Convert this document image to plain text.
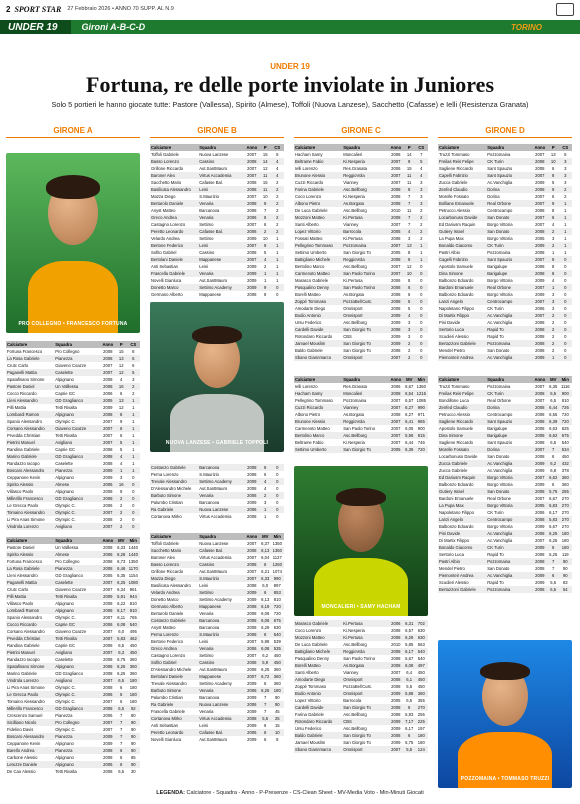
2 SPORT STAR 27 Febbraio 2026 • ANNO 70 SUPP. AL N.9
UNDER 19	Gironi A-B-C-D	TORINO
UNDER 19
Fortuna, re delle porte inviolate in Juniores
Solo 5 portieri le hanno giocate tutte: Pastore (Vallessa), Spirito (Almese), Toffoli (Nuova Lanzese), Sacchetto (Cafasse) e Ielli (Resistenza Granata)
GIRONE A	GIRONE B	GIRONE C	GIRONE D
PRO COLLEGNO • FRANCESCO FORTUNA
NUOVA LANZESE • GABRIELE TOPPOLI
MONCALIERI • SAMY HACHAM
POZZOMAINA • TOMMASO TRUZZI
Calciatore	Squadra	Anno	P	CS
Fortuna Francesco	Pro Collegno	2008	15	8
La Rosa Gabriele	Pianezza	2008	13	6
Crutc Carlo	Giaveno Coazze	2007	12	6
Paganelli Mattia	Caselette	2007	12	5
Spatafisano Simone	Alpignano	2008	4	3
Pastore Daniel	Un Valllessa	2008	16	2
Cocco Riccardo	Caprie GC	2006	6	2
Lleni Alessandro	GD Graglianco	2005	13	1
Pilli Mattia	Tetti Rivalta	2009	12	1
Lombardi Ramon	Alpignano	2008	8	1
Spanio Alessandro	Olympic C.	2007	9	1
Corsano Alessandro	Giaveno Coazze	2007	6	1
Prvedda Christian	Tetti Rivalta	2007	6	1
Pietrini Manuel	Avigliano	2007	5	1
Randina Gabriele	Caprie GC	2008	5	1
Marino Gabriele	GD Graglianco	2008	4	1
Randazzo Iacopo	Caselette	2008	4	1
Boscaro Alessandro	Pianezza	2009	1	1
Ceppanone Kevin	Alpignano	2009	3	0
Spirito Alessio	Almese	2006	16	0
Villasco Paolo	Alpignano	2008	9	0
Millerillo Francesco	GD Graglianco	2008	2	0
Le Grecca Paolo	Olympic C.	2006	2	0
Tomaino Alessandro	Olympic C.	2007	2	0
Li Pira Anas Simone	Olympic C.	2008	2	0
Vindrola Lorenzo	Avigliano	2007	2	0
Calciatore	Squadra	Anno	MV	Min
Pastore Daniel	Un Valllessa	2008	6,33	1440
Spirito Alessio	Almese	2006	6,28	1440
Fortuna Francesco	Pro Collegno	2008	6,73	1350
La Rosa Gabriele	Pianezza	2008	6,46	1170
Lleni Alessandro	GD Graglianco	2005	6,35	1154
Paganelli Mattia	Caselette	2007	6,25	1080
Crutc Carlo	Giaveno Coazze	2007	6,34	961
Pilli Mattia	Tetti Rivalta	2009	5,91	944
Villasco Paolo	Alpignano	2008	6,22	810
Lombardi Ramon	Alpignano	2008	6,17	810
Spanio Alessandro	Olympic C.	2007	6,11	765
Cocco Riccardo	Caprie GC	2006	6,08	540
Corsano Alessandro	Giaveno Coazze	2007	6,0	495
Prvedda Christian	Tetti Rivalta	2007	5,83	462
Randina Gabriele	Caprie GC	2008	6,5	450
Pietrini Manuel	Avigliano	2007	6,3	450
Randazzo Iacopo	Caselette	2008	6,75	360
Spatafisano Simone	Alpignano	2008	6,25	360
Marino Gabriele	GD Graglianco	2008	6,25	360
Vindrola Lorenzo	Avigliano	2007	6,5	180
Li Pira Anas Simone	Olympic C.	2008	6	180
Le Grecca Paolo	Olympic C.	2006	6	180
Tomaino Alessandro	Olympic C.	2007	6	180
Millerillo Francesco	GD Graglianco	2008	6,5	92
Crescenzo Samuel	Pianezza	2006	7	90
Sicilliano Nicolo	Pro Collegno	2007	7	90
Fidelino Davis	Olympic C.	2007	7	90
Boscaro Alessandro	Pianezza	2009	7	90
Ceppanone Kevin	Alpignano	2009	7	90
Barello Andrea	Pianezza	2008	6	90
Carbone Alessio	Alpignano	2008	6	85
Leruzze Daniele	Alpignano	2006	6	90
De Cao Alessio	Tetti Rivalta	2008	6,5	30
Calciatore	Squadra	Anno	P	CS
Toffoli Gabriele	Nuova Lanzese	2007	15	5
Basso Lorenzo	Cassino	2008	14	4
Grillone Riccardo	Aut.SantMauro	2007	12	4
Baroner Alex	Virtus Accademia	2007	11	4
Sacchetto Mario	Cafasse Bal.	2008	15	2
Basilicata Alessandro	Leini	2008	11	2
Mazza Diego	S.Maurizio	2007	10	2
Bertarolo Daniele	Venaria	2008	8	2
Anyst Matteo	Barcanova	2008	7	2
Greco Andrea	Venaria	2006	6	2
Castagno Lorenzo	Settimo	2007	6	2
Peretto Leonardo	Cafasse Bal.	2006	2	2
Velardo Andrea	Settimo	2009	10	1
Bertone Federico	Leini	2007	9	1
Sofito Gabriel	Cassino	2008	5	1
Bertolani Daniele	Mappanese	2007	4	1
Anti Sebastian	Leini	2009	2	1
Frascella Gabriele	Venaria	2009	1	1
Novelli Gianluca	Aut.SantMauro	2009	1	1
Donetto Marco	Settimo Academy	2009	9	0
Germano Alberto	Mappanese	2008	8	0
Costanzo Gabriele	Barcanova	2008	6	0
Perna Lorenzo	S.Maurizio	2008	6	0
Trevale Alessandro	Settimo Academy	2009	4	0
D'Alessandro Michele	Aut.SantMauro	2008	4	0
Barbuto Simone	Venaria	2006	2	0
Palumbo Cristian	Barcanova	2009	3	0
Ra Gabriele	Nuova Lanzese	2006	1	0
Cortanova Mirko	Virtus Accademia	2008	1	0
Calciatore	Squadra	Anno	MV	Min
Toffoli Gabriele	Nuova Lanzese	2007	6,37	1350
Sacchetto Mario	Cafasse Bal.	2008	6,13	1350
Baroner Alex	Virtus Accademia	2007	6,04	1127
Basso Lorenzo	Cassino	2008	6	1260
Grillone Riccardo	Aut.SantMauro	2007	6,21	1074
Mazza Diego	S.Maurizio	2007	6,33	990
Basilicata Alessandro	Leini	2008	6,0	897
Velardo Andrea	Settimo	2009	6	853
Donetto Marco	Settimo Academy	2009	6,13	810
Germano Alberto	Mappanese	2008	6,19	720
Bertarolo Daniele	Venaria	2008	6,06	720
Costanzo Gabriele	Barcanova	2008	6,06	675
Anyst Matteo	Barcanova	2008	6,29	630
Perna Lorenzo	S.Maurizio	2008	6	540
Bertone Federico	Leini	2007	5,98	539
Greco Andrea	Venaria	2006	6,08	535
Castagno Lorenzo	Settimo	2007	6,2	450
Sofito Gabriel	Cassino	2008	5,9	450
D'Alessandro Michele	Aut.SantMauro	2008	6,25	360
Bertolani Daniele	Mappanese	2007	6,72	360
Trevale Alessandro	Settimo Academy	2009	6	360
Barbuto Simone	Venaria	2006	6,25	180
Palumbo Cristian	Barcanova	2009	7	90
Ra Gabriele	Nuova Lanzese	2006	7	90
Frascella Gabriele	Venaria	2009	7	45
Cortanova Mirko	Virtus Accademia	2008	5,5	25
Anti Sebastian	Leini	2009	6	15
Peretto Leonardo	Cafasse Bal.	2006	6	10
Novelli Gianluca	Aut.SantMauro	2009	6	8
Calciatore	Squadra	Anno	P	CS
Hacham Samy	Moncalieri	2008	14	7
Beltrame Fabio	Ki.Nesperia	2007	9	5
Ielli Lorenzo	Res.Granata	2006	15	4
Brunone Alessio	ReggioVola	2007	11	4
Cuzzi Riccardo	Vianney	2007	11	3
Farina Gabriele	Asc.Bellborg	2008	8	3
Coco Lorenzo	Ki.Nesperia	2008	7	3
Albono Pietro	As.Borgata	2008	7	3
De Luca Gabriele	Asc.Bellborg	2010	11	2
Mozzoni Matteo	Ki.Pertusa	2008	7	2
Santi Alberto	Vianney	2007	7	2
Lopez Vittorio	Barrocola	2005	4	2
Fossati Matteo	Ki.Pertusa	2008	3	2
Pellegrino Tommaso	Pozzomaina	2007	13	1
Settimo Umberto	San Giorgio To	2005	8	1
Battigliano Michele	ReggioVola	2008	6	1
Bertolino Marco	Asc.Bellborg	2007	12	0
Carmenoto Matteo	San Paolo Torino	2007	10	0
Marasco Gabriele	Ki.Pertusa	2006	8	0
Pasqualino Denny	San Paolo Torino	2008	6	0
Borelli Matteo	As.Borgata	2008	6	0
Zoppé Tommaso	PozzaBel/Cust.	2008	5	0
Amodarte Diego	Omnisport	2008	5	0
Bodio Antonio	Omnisport	2009	4	0
Ursu Federico	Asc.Bellborg	2009	3	0
Cardelli Davide	San Giorgio To	2008	3	0
Rotondaro Riccardo	CBS	2009	3	0
Jamael Mouslim	San Giorgio To	2009	2	0
Baldo Gabriele	San Giorgio To	2008	2	0
Sbano Giannmarco	Omnisport	2007	2	0
Calciatore	Squadra	Anno	MV	Min
Ielli Lorenzo	Res.Granata	2006	6,67	1350
Hacham Samy	Moncalieri	2008	6,54	1215
Pellegrino Tommaso	Pozzomaina	2007	6,57	1085
Cuzzi Riccardo	Vianney	2007	6,27	990
Albono Pietro	As.Borgata	2008	6,27	971
Brunone Alessio	ReggioVola	2007	6,41	965
Carmenoto Matteo	San Paolo Torino	2007	6,05	900
Bertolino Marco	Asc.Bellborg	2007	5,96	815
Beltrame Fabio	Ki.Nesperia	2007	6,44	746
Settimo Umberto	San Giorgio To	2005	6,36	720
Marasco Gabriele	Ki.Pertusa	2006	6,31	702
Coco Lorenzo	Ki.Nesperia	2008	6,57	630
Mozzoni Matteo	Ki.Pertusa	2008	6,29	630
De Luca Gabriele	Asc.Bellborg	2010	5,85	563
Battigliano Michele	ReggioVola	2008	6,17	540
Pasqualino Denny	San Paolo Torino	2008	5,67	540
Borelli Matteo	As.Borgata	2008	6,08	497
Santi Alberto	Vianney	2007	6,4	450
Amodarte Diego	Omnisport	2008	6,1	450
Zoppé Tommaso	PozzaBel/Cust.	2008	5,5	450
Bodio Antonio	Omnisport	2009	5,88	360
Lopez Vittorio	Barrocola	2005	6,5	355
Cardelli Davide	San Giorgio To	2008	6	270
Farina Gabriele	Asc.Bellborg	2008	5,93	255
Rotondaro Riccardo	CBS	2009	7,17	225
Ursu Federico	Asc.Bellborg	2009	6,17	197
Baldo Gabriele	San Giorgio To	2008	6	180
Jamael Mouslim	San Giorgio To	2009	5,75	180
Sbano Giannmarco	Omnisport	2007	5,5	124
Calciatore	Squadra	Anno	P	CS
Truzzi Tommaso	Pozzomaina	2007	13	5
Freilas Reis Felipe	CK Turin	2008	10	3
Sagliene Riccardo	Sant Spauzio	2008	6	3
Capelli Fabrizio	Sant Spauzio	2007	8	3
Zucca Gabriele	Ac.Vanchiglia	2009	5	3
Zenfed Claudio	Dorina	2008	9	2
Morelle Fossato	Dorina	2007	6	2
Bolliane Emanuele	Real Orbone	2007	9	1
Petrucco Alessio	Centrocampo	2008	8	1
Locarbonuso Davide	San Donato	2007	6	1
Ed Dariusm Raquin	Borgo Vittoria	2007	4	1
Gutiery Israel	San Donato	2008	2	1
La Pupa Max	Borgo Vittoria	2005	3	1
Bonaldo Giacomo	CK Turin	2009	2	1
Pastri Albio	Pozzomaina	2008	1	1
Cagelli Fabrizio	Sant Spauzio	2007	8	0
Apostolo Samuele	Barigalupe	2008	8	0
Dina Simone	Barigalupe	2008	8	0
Balbonzo Edoardo	Borgo Vittoria	2009	4	0
Bardoni Emanuele	Real Orbone	2007	1	0
Balbonzo Edoardo	Borgo Vittoria	2009	3	0
Lanzi Angelo	Centrocampo	2007	3	0
Napoletano Filippo	CK Turin	2006	3	0
Di Martix Filippo	Ac.Vanchiglia	2007	2	0
Pini Davide	Ac.Vanchiglia	2008	2	0
Sertorio Luca	Rapid To	2008	2	0
Scudieri Alessio	Rapid To	2008	2	0
Bertazzoni Gabriele	Pozzomaina	2008	2	0
Mendel Pietro	San Donato	2008	2	0
Piemonteir Andrea	Ac.Vanchiglia	2009	1	0
Calciatore	Squadra	Anno	MV	Min
Truzzi Tommaso	Pozzomaina	2007	6,35	1116
Freilas Reis Felipe	CK Turin	2008	6,5	900
Bondillone Luca	Real Orbone	2007	6,5	810
Zenfed Claudio	Dorina	2008	6,44	726
Petrucco Alessio	Centrocampo	2008	6,55	720
Sagliene Riccardo	Sant Spauzio	2008	6,39	720
Apostolo Samuele	Barigalupe	2008	6,63	625
Dina Simone	Barigalupe	2008	6,62	675
Sagliene Riccardo	Sant Spauzio	2008	6,5	540
Morelle Fossato	Dorina	2007	7	534
Locarbonuso Davide	San Donato	2008	6	450
Zucca Gabriele	Ac.Vanchiglia	2009	6,2	432
Zucca Gabriele	Ac.Vanchiglia	2009	6,8	378
Ed Dariusm Raquin	Borgo Vittoria	2007	6,62	360
Balbonzo Edoardo	Borgo Vittoria	2009	6	360
Gutiery Israel	San Donato	2008	5,75	285
Bardoni Emanuele	Real Orbone	2007	6,67	270
La Pupa Max	Borgo Vittoria	2005	5,83	270
Napoletano Filippo	CK Turin	2006	6,17	270
Lanzi Angelo	Centrocampo	2008	5,83	270
Balbonzo Edoardo	Borgo Vittoria	2009	5,67	270
Pini Davide	Ac.Vanchiglia	2008	6,25	180
Di Martix Filippo	Ac.Vanchiglia	2007	6,25	180
Bonaldo Giacomo	CK Turin	2009	6	180
Sertorio Luca	Rapid To	2008	5,25	119
Pastri Albio	Pozzomaina	2008	7	90
Mendel Pietro	San Donato	2008	7	90
Piemonteir Andrea	Ac.Vanchiglia	2009	6	90
Scudieri Alessio	Rapid To	2009	5,5	83
Bertazzoni Gabriele	Pozzomaina	2008	6,5	54
LEGENDA: Calciatore - Squadra - Anno - P-Presenze - CS-Clean Sheet - MV-Media Voto - Min-Minuti Giocati
